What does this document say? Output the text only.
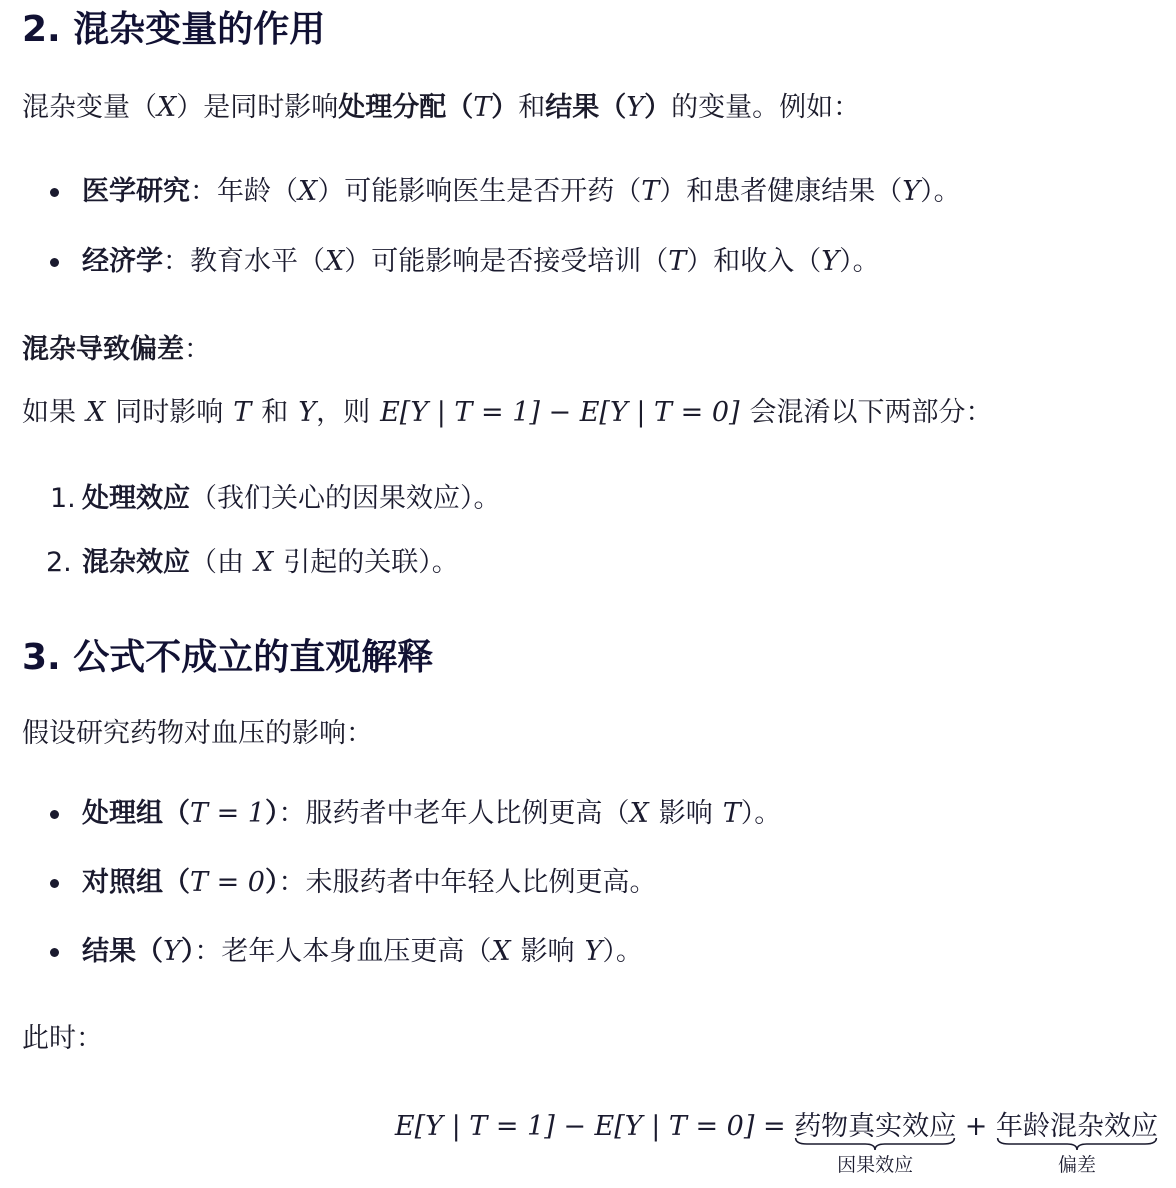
2. 混杂变量的作用
混杂变量（X）是同时影响处理分配（T）和结果（Y）的变量。例如：
医学研究：年龄（X）可能影响医生是否开药（T）和患者健康结果（Y）。
经济学：教育水平（X）可能影响是否接受培训（T）和收入（Y）。
混杂导致偏差：
如果 X 同时影响 T 和 Y，则 E[Y | T = 1] − E[Y | T = 0] 会混淆以下两部分：
1. 处理效应（我们关心的因果效应）。
2. 混杂效应（由 X 引起的关联）。
3. 公式不成立的直观解释
假设研究药物对血压的影响：
处理组（T = 1）：服药者中老年人比例更高（X 影响 T）。
对照组（T = 0）：未服药者中年轻人比例更高。
结果（Y）：老年人本身血压更高（X 影响 Y）。
此时：
E[Y | T = 1] − E[Y | T = 0] = 药物真实效应
因果效应
+ 年龄混杂效应
偏差
